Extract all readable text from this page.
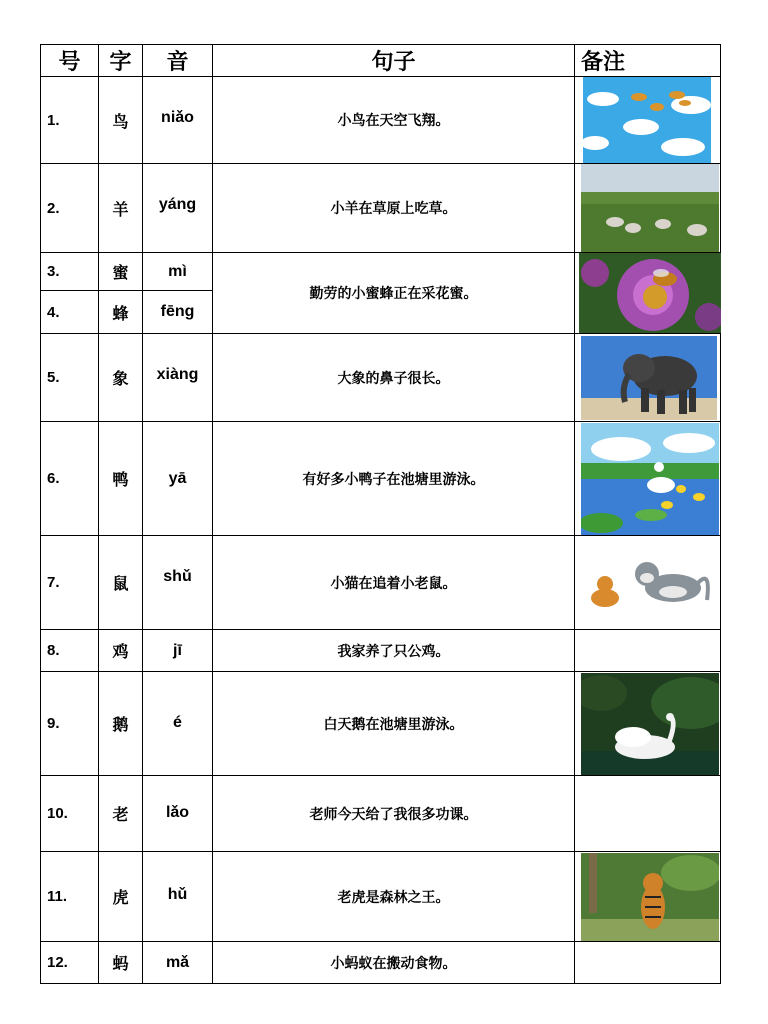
号	字	音	句子	备注
1.	鸟	niǎo	小鸟在天空飞翔。	

2.	羊	yáng	小羊在草原上吃草。	

3.	蜜	mì	勤劳的小蜜蜂正在采花蜜。	

4.	蜂	fēng		

5.	象	xiàng	大象的鼻子很长。	

6.	鸭	yā	有好多小鸭子在池塘里游泳。	

7.	鼠	shǔ	小猫在追着小老鼠。	

8.	鸡	jī	我家养了只公鸡。	
9.	鹅	é	白天鹅在池塘里游泳。	

10.	老	lǎo	老师今天给了我很多功课。	
11.	虎	hǔ	老虎是森林之王。	

12.	蚂	mǎ	小蚂蚁在搬动食物。	
